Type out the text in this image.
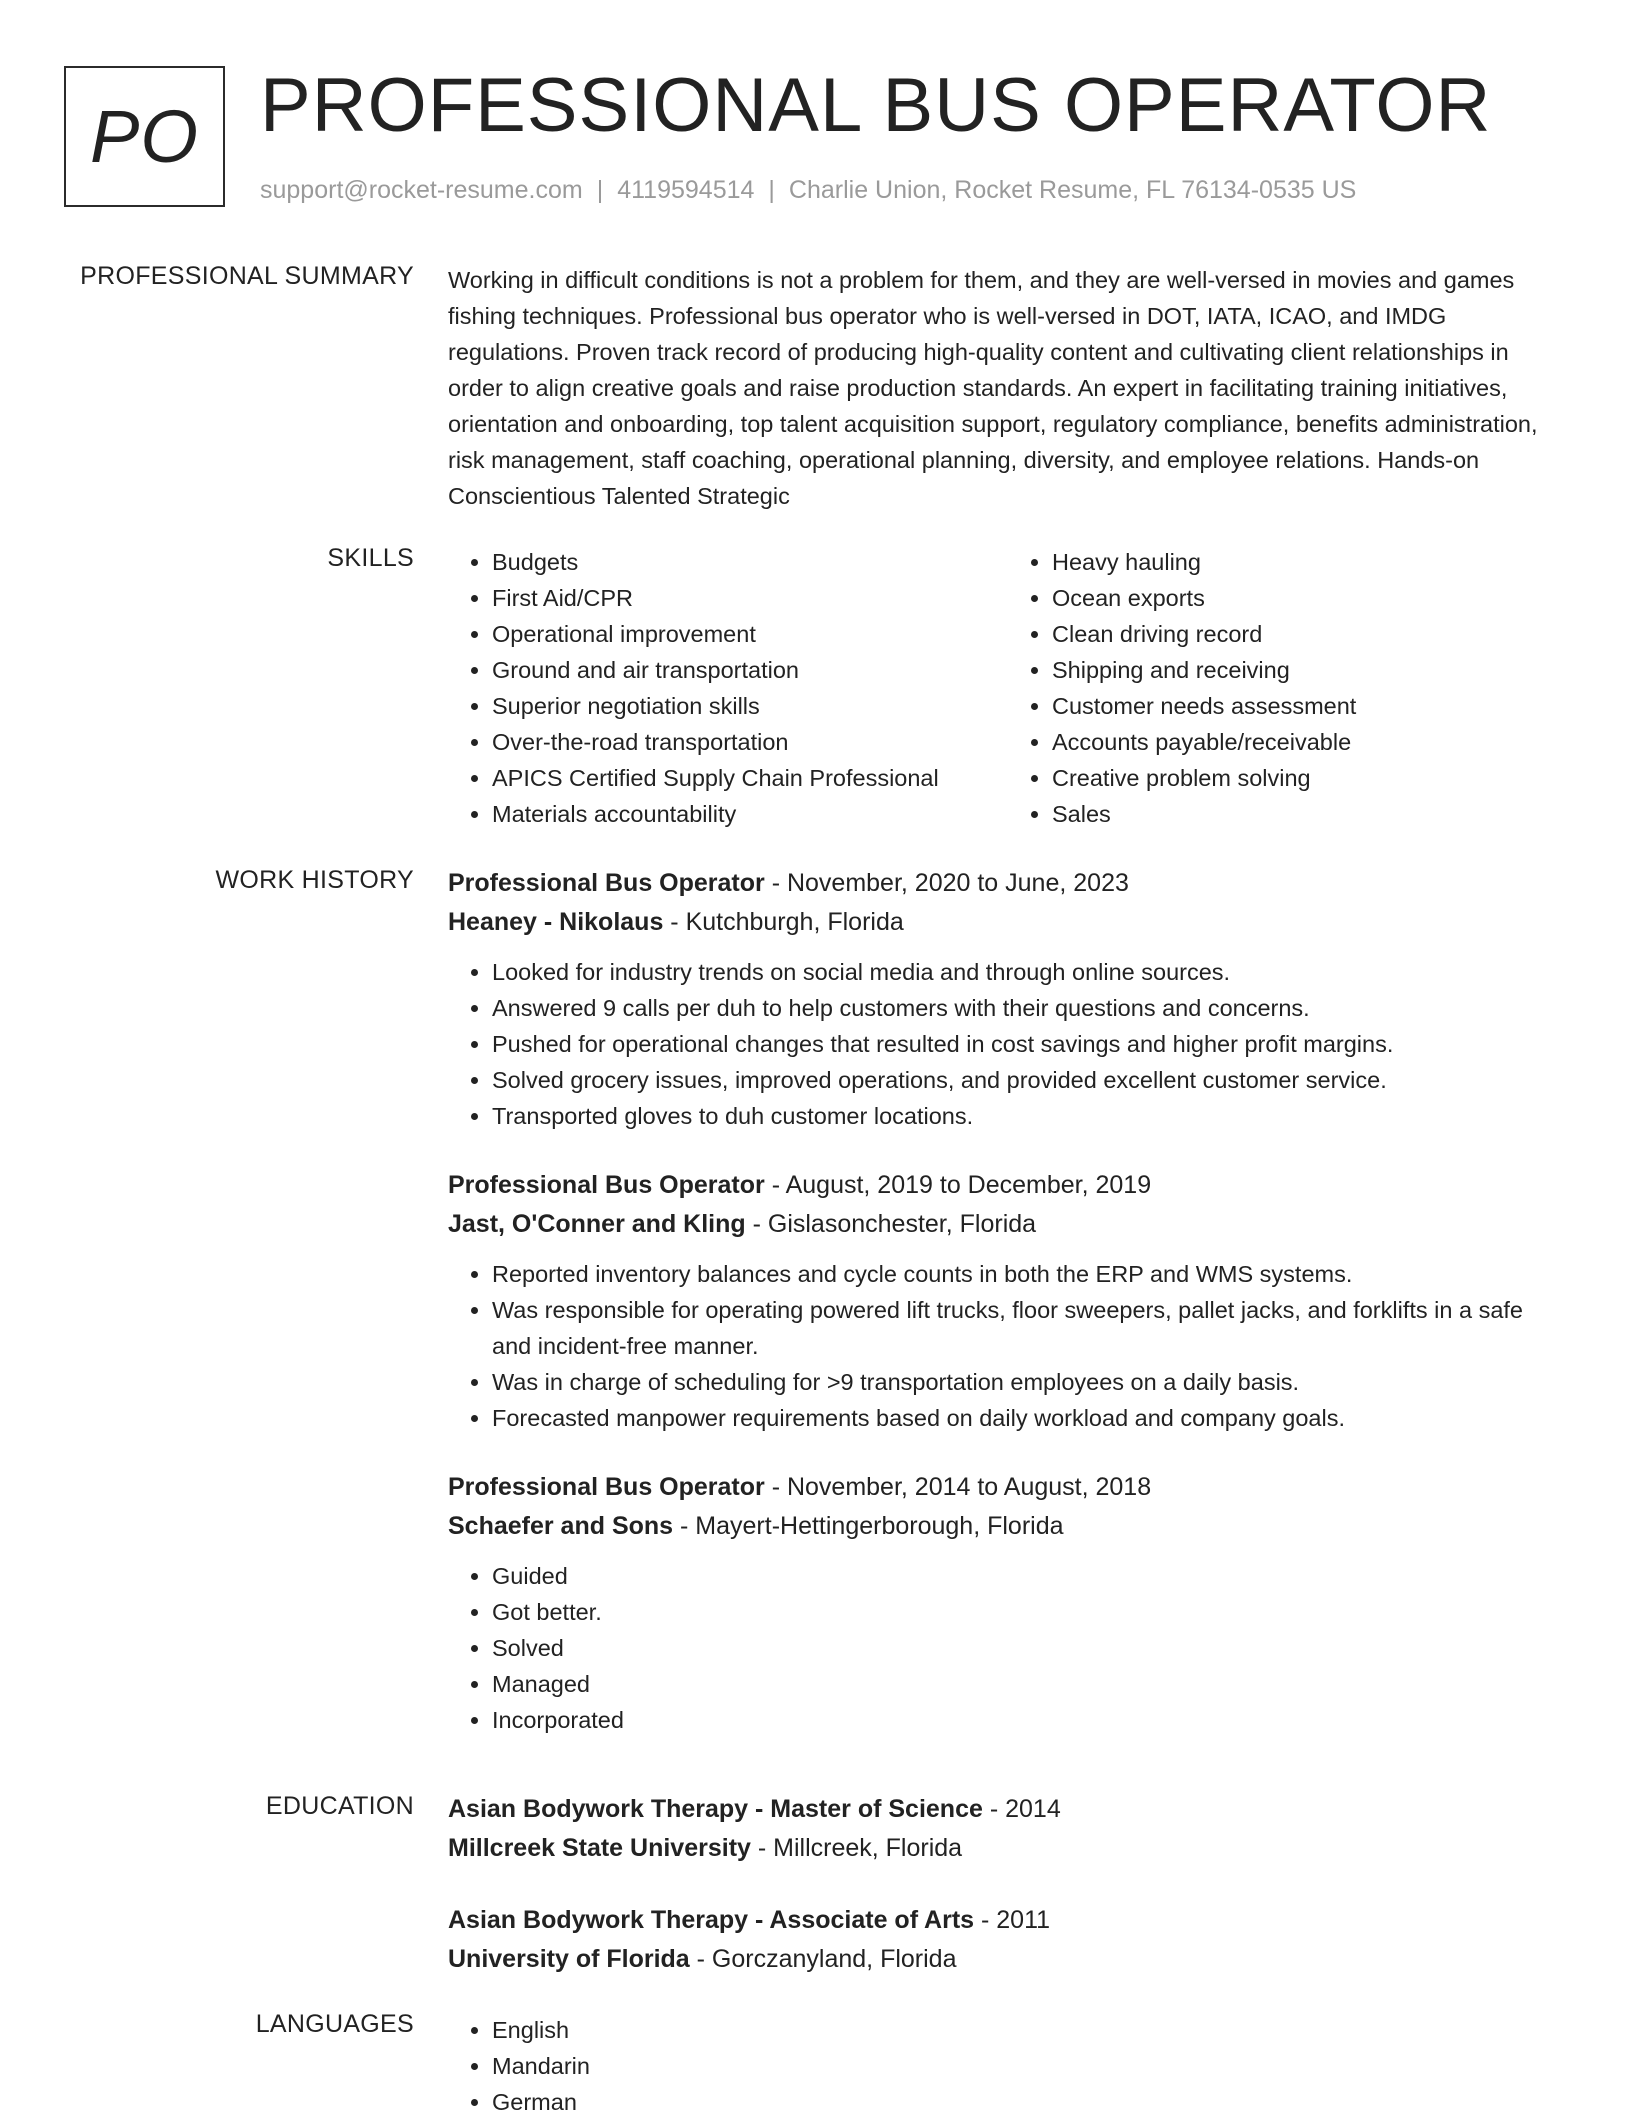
PO PROFESSIONAL BUS OPERATOR
support@rocket-resume.com | 4119594514 | Charlie Union, Rocket Resume, FL 76134-0535 US
PROFESSIONAL SUMMARY Working in difficult conditions is not a problem for them, and they are well-versed in movies and games fishing techniques. Professional bus operator who is well-versed in DOT, IATA, ICAO, and IMDG regulations. Proven track record of producing high-quality content and cultivating client relationships in order to align creative goals and raise production standards. An expert in facilitating training initiatives, orientation and onboarding, top talent acquisition support, regulatory compliance, benefits administration, risk management, staff coaching, operational planning, diversity, and employee relations. Hands-on Conscientious Talented Strategic

SKILLS	• Budgets
• First Aid/CPR
• Operational improvement
• Ground and air transportation
• Superior negotiation skills
• Over-the-road transportation
• APICS Certified Supply Chain Professional
• Materials accountability
• Heavy hauling
• Ocean exports
• Clean driving record
• Shipping and receiving
• Customer needs assessment
• Accounts payable/receivable
• Creative problem solving
• Sales
WORK HISTORY Professional Bus Operator - November, 2020 to June, 2023
Heaney - Nikolaus - Kutchburgh, Florida
• Looked for industry trends on social media and through online sources.
• Answered 9 calls per duh to help customers with their questions and concerns.
• Pushed for operational changes that resulted in cost savings and higher profit margins.
• Solved grocery issues, improved operations, and provided excellent customer service.
• Transported gloves to duh customer locations.
Professional Bus Operator - August, 2019 to December, 2019
Jast, O'Conner and Kling - Gislasonchester, Florida
• Reported inventory balances and cycle counts in both the ERP and WMS systems.
• Was responsible for operating powered lift trucks, floor sweepers, pallet jacks, and forklifts in a safe and incident-free manner.
• Was in charge of scheduling for >9 transportation employees on a daily basis.
• Forecasted manpower requirements based on daily workload and company goals.
Professional Bus Operator - November, 2014 to August, 2018
Schaefer and Sons - Mayert-Hettingerborough, Florida
• Guided
• Got better.
• Solved
• Managed
• Incorporated
EDUCATION Asian Bodywork Therapy - Master of Science - 2014
Millcreek State University - Millcreek, Florida
Asian Bodywork Therapy - Associate of Arts - 2011
University of Florida - Gorczanyland, Florida
LANGUAGES	• English
• Mandarin
• German
